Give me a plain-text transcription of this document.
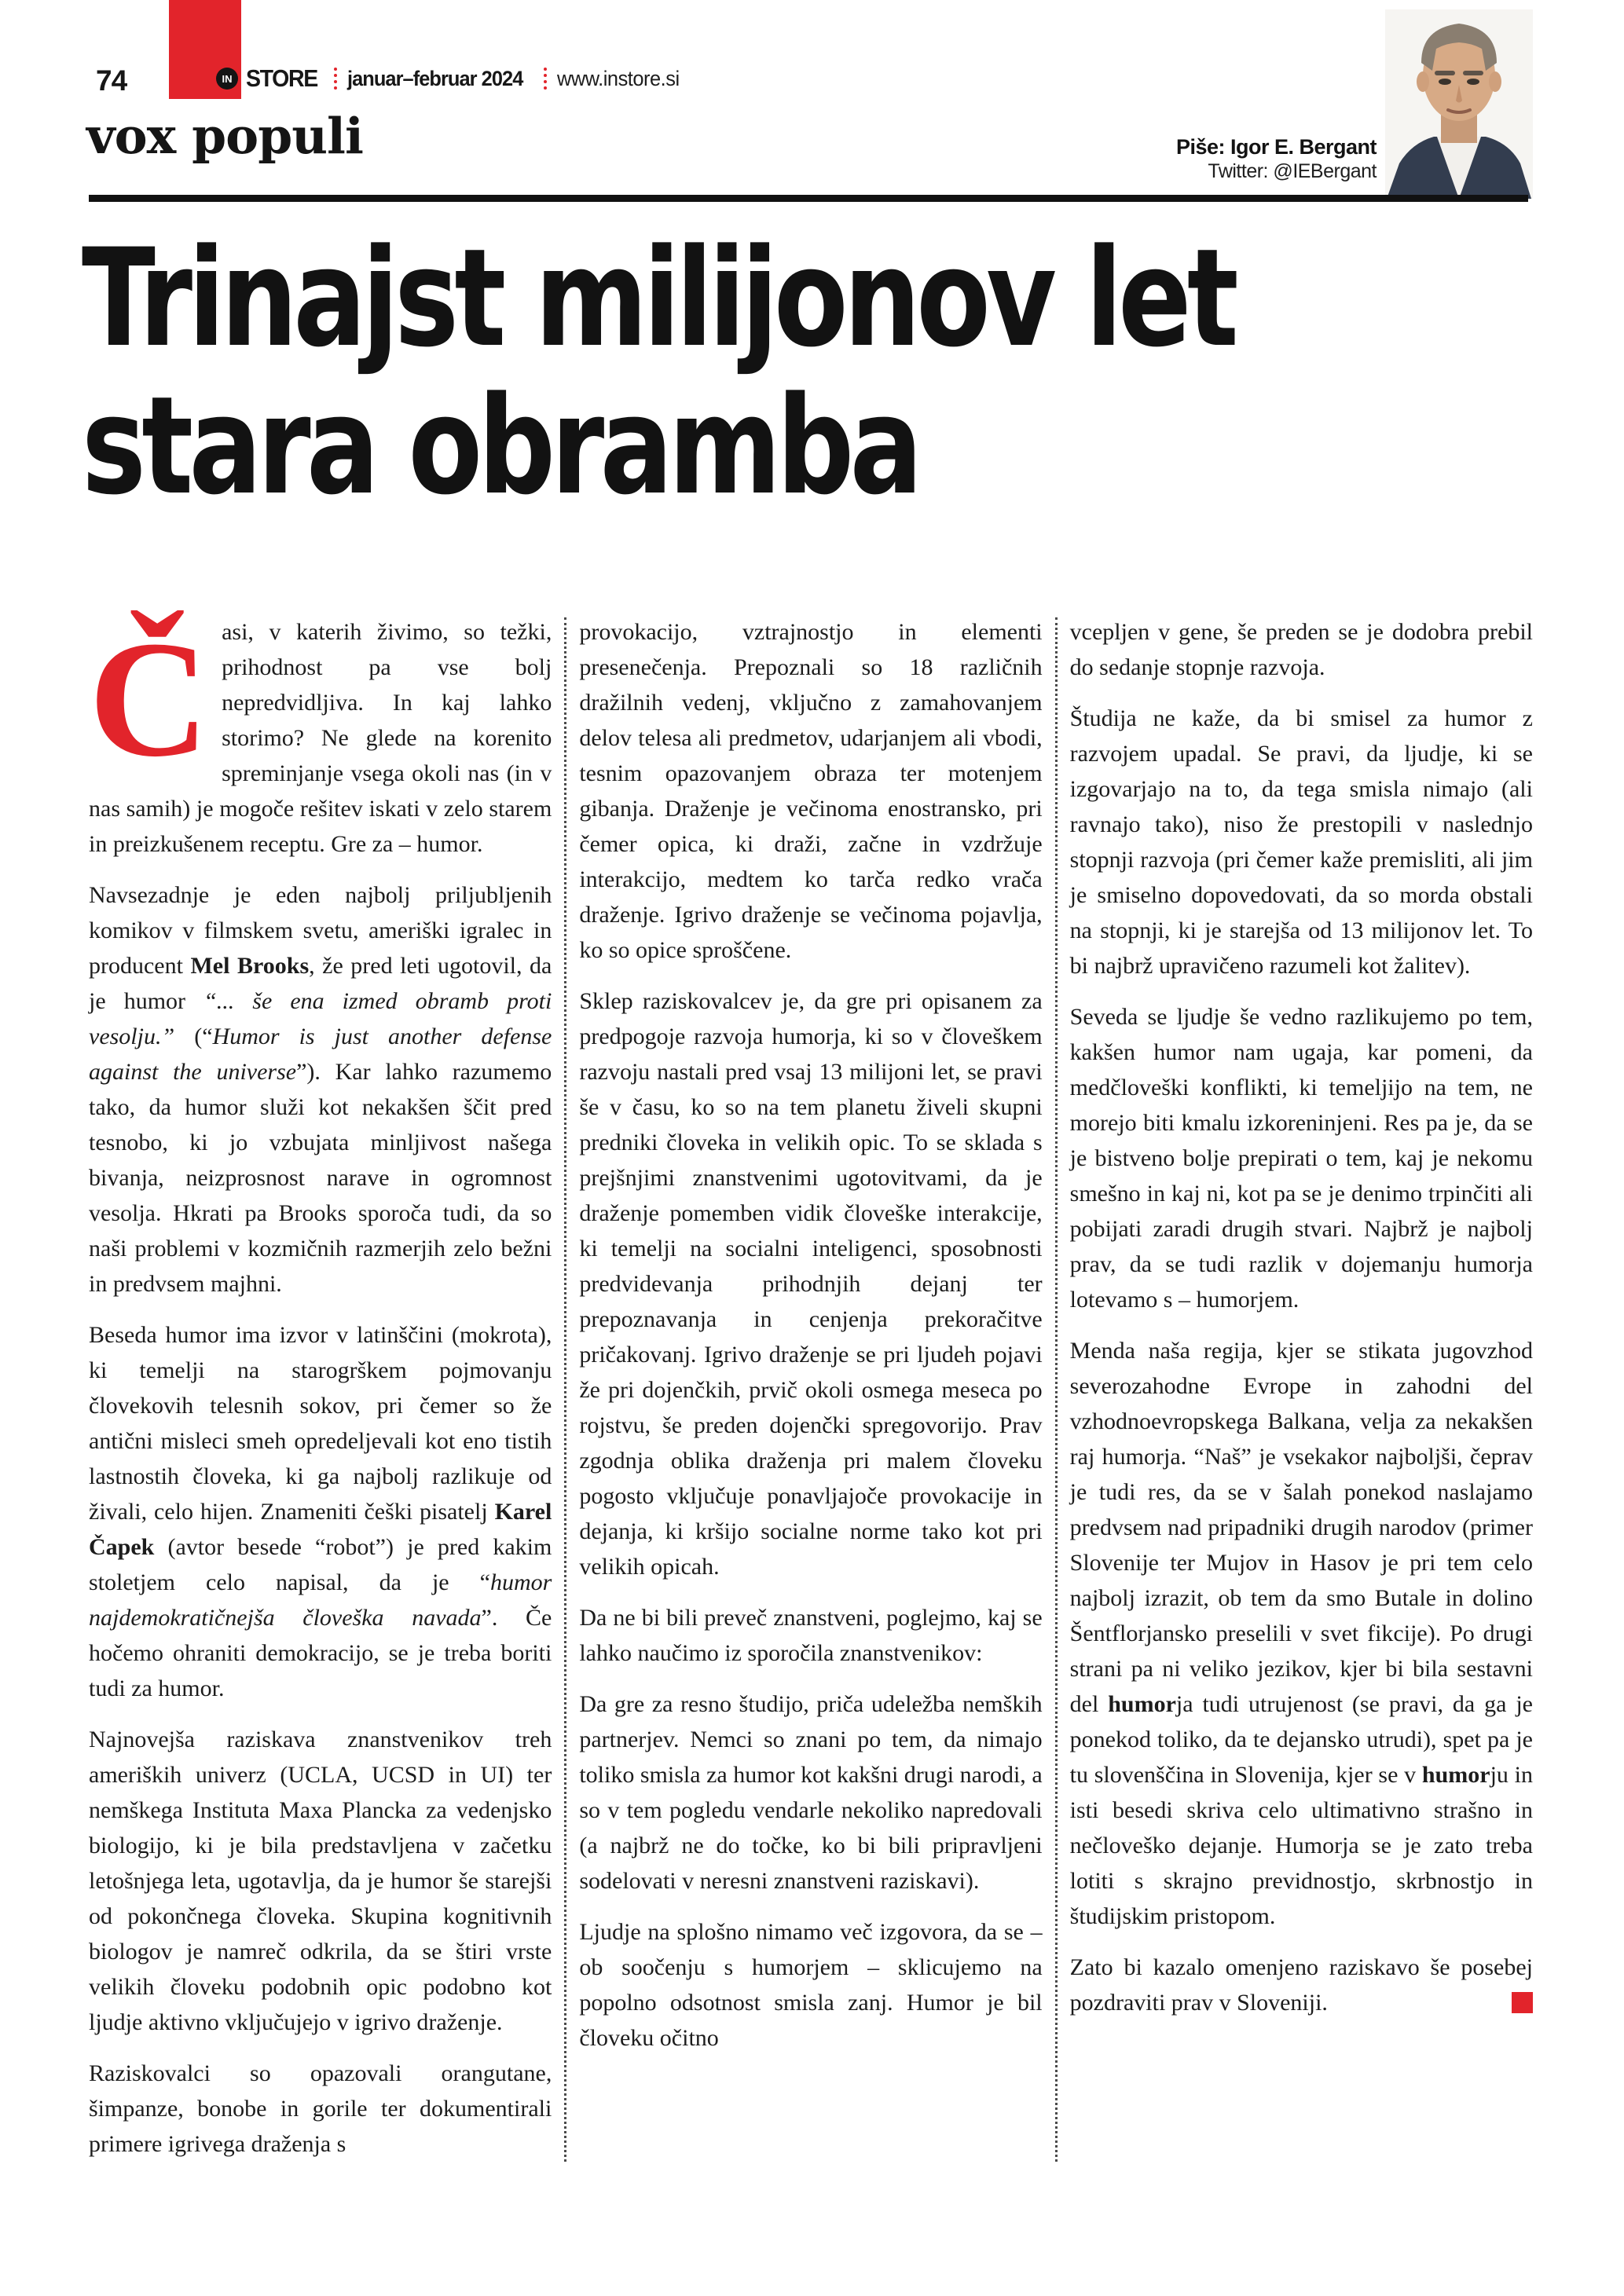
74	IN STORE januar–februar 2024 www.instore.si
vox populi	Piše: Igor E. Bergant
Twitter: @IEBergant
Trinajst milijonov let
stara obramba

Časi, v katerih živimo, so težki, prihodnost pa vse bolj nepredvidljiva. In kaj lahko storimo? Ne glede na korenito spreminjanje vsega okoli nas (in v nas samih) je mogoče rešitev iskati v zelo starem in preizkušenem receptu. Gre za – humor.

Navsezadnje je eden najbolj priljubljenih komikov v filmskem svetu, ameriški igralec in producent Mel Brooks, že pred leti ugotovil, da je humor “... še ena izmed obramb proti vesolju.” (“Humor is just another defense against the universe”). Kar lahko razumemo tako, da humor služi kot nekakšen ščit pred tesnobo, ki jo vzbujata minljivost našega bivanja, neizprosnost narave in ogromnost vesolja. Hkrati pa Brooks sporoča tudi, da so naši problemi v kozmičnih razmerjih zelo bežni in predvsem majhni.

Beseda humor ima izvor v latinščini (mokrota), ki temelji na starogrškem pojmovanju človekovih telesnih sokov, pri čemer so že antični misleci smeh opredeljevali kot eno tistih lastnostih človeka, ki ga najbolj razlikuje od živali, celo hijen. Znameniti češki pisatelj Karel Čapek (avtor besede “robot”) je pred kakim stoletjem celo napisal, da je “humor najdemokratičnejša človeška navada”. Če hočemo ohraniti demokracijo, se je treba boriti tudi za humor.

Najnovejša raziskava znanstvenikov treh ameriških univerz (UCLA, UCSD in UI) ter nemškega Instituta Maxa Plancka za vedenjsko biologijo, ki je bila predstavljena v začetku letošnjega leta, ugotavlja, da je humor še starejši od pokončnega človeka. Skupina kognitivnih biologov je namreč odkrila, da se štiri vrste velikih človeku podobnih opic podobno kot ljudje aktivno vključujejo v igrivo draženje.

Raziskovalci so opazovali orangutane, šimpanze, bonobe in gorile ter dokumentirali primere igrivega draženja s

provokacijo, vztrajnostjo in elementi presenečenja. Prepoznali so 18 različnih dražilnih vedenj, vključno z zamahovanjem delov telesa ali predmetov, udarjanjem ali vbodi, tesnim opazovanjem obraza ter motenjem gibanja. Draženje je večinoma enostransko, pri čemer opica, ki draži, začne in vzdržuje interakcijo, medtem ko tarča redko vrača draženje. Igrivo draženje se večinoma pojavlja, ko so opice sproščene.

Sklep raziskovalcev je, da gre pri opisanem za predpogoje razvoja humorja, ki so v človeškem razvoju nastali pred vsaj 13 milijoni let, se pravi še v času, ko so na tem planetu živeli skupni predniki človeka in velikih opic. To se sklada s prejšnjimi znanstvenimi ugotovitvami, da je draženje pomemben vidik človeške interakcije, ki temelji na socialni inteligenci, sposobnosti predvidevanja prihodnjih dejanj ter prepoznavanja in cenjenja prekoračitve pričakovanj. Igrivo draženje se pri ljudeh pojavi že pri dojenčkih, prvič okoli osmega meseca po rojstvu, še preden dojenčki spregovorijo. Prav zgodnja oblika draženja pri malem človeku pogosto vključuje ponavljajoče provokacije in dejanja, ki kršijo socialne norme tako kot pri velikih opicah.

Da ne bi bili preveč znanstveni, poglejmo, kaj se lahko naučimo iz sporočila znanstvenikov:

Da gre za resno študijo, priča udeležba nemških partnerjev. Nemci so znani po tem, da nimajo toliko smisla za humor kot kakšni drugi narodi, a so v tem pogledu vendarle nekoliko napredovali (a najbrž ne do točke, ko bi bili pripravljeni sodelovati v neresni znanstveni raziskavi).

Ljudje na splošno nimamo več izgovora, da se – ob soočenju s humorjem – sklicujemo na popolno odsotnost smisla zanj. Humor je bil človeku očitno

vcepljen v gene, še preden se je dodobra prebil do sedanje stopnje razvoja.

Študija ne kaže, da bi smisel za humor z razvojem upadal. Se pravi, da ljudje, ki se izgovarjajo na to, da tega smisla nimajo (ali ravnajo tako), niso že prestopili v naslednjo stopnji razvoja (pri čemer kaže premisliti, ali jim je smiselno dopovedovati, da so morda obstali na stopnji, ki je starejša od 13 milijonov let. To bi najbrž upravičeno razumeli kot žalitev).

Seveda se ljudje še vedno razlikujemo po tem, kakšen humor nam ugaja, kar pomeni, da medčloveški konflikti, ki temeljijo na tem, ne morejo biti kmalu izkoreninjeni. Res pa je, da se je bistveno bolje prepirati o tem, kaj je nekomu smešno in kaj ni, kot pa se je denimo trpinčiti ali pobijati zaradi drugih stvari. Najbrž je najbolj prav, da se tudi razlik v dojemanju humorja lotevamo s – humorjem.

Menda naša regija, kjer se stikata jugovzhod severozahodne Evrope in zahodni del vzhodnoevropskega Balkana, velja za nekakšen raj humorja. “Naš” je vsekakor najboljši, čeprav je tudi res, da se v šalah ponekod naslajamo predvsem nad pripadniki drugih narodov (primer Slovenije ter Mujov in Hasov je pri tem celo najbolj izrazit, ob tem da smo Butale in dolino Šentflorjansko preselili v svet fikcije). Po drugi strani pa ni veliko jezikov, kjer bi bila sestavni del humorja tudi utrujenost (se pravi, da ga je ponekod toliko, da te dejansko utrudi), spet pa je tu slovenščina in Slovenija, kjer se v humorju in isti besedi skriva celo ultimativno strašno in nečloveško dejanje. Humorja se je zato treba lotiti s skrajno previdnostjo, skrbnostjo in študijskim pristopom.

Zato bi kazalo omenjeno raziskavo še posebej pozdraviti prav v Sloveniji.
